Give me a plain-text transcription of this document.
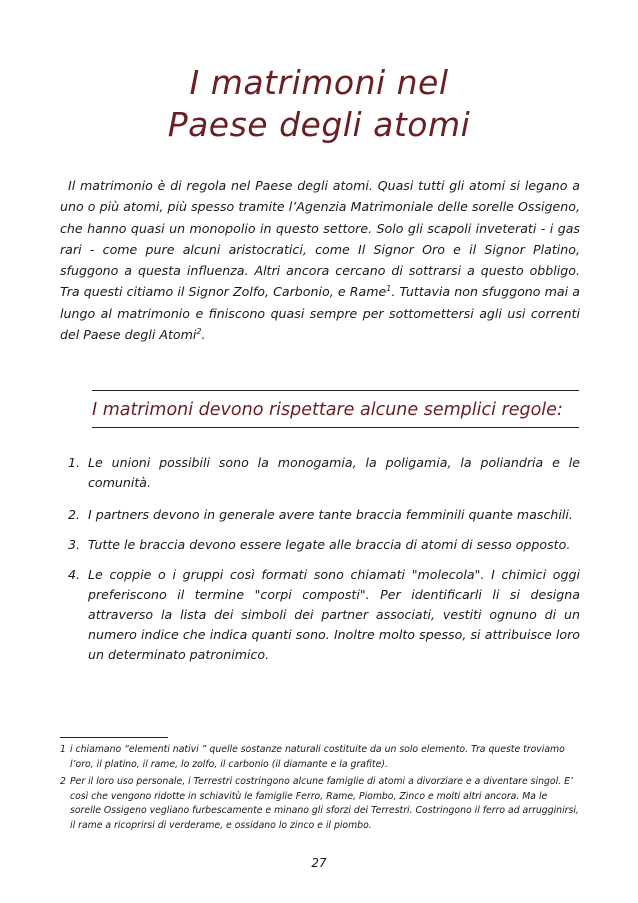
I matrimoni nel
Paese degli atomi

Il matrimonio è di regola nel Paese degli atomi. Quasi tutti gli atomi si legano a uno o più atomi, più spesso tramite l’Agenzia Matrimoniale delle sorelle Ossigeno, che hanno quasi un monopolio in questo settore. Solo gli scapoli inveterati - i gas rari - come pure alcuni aristocratici, come Il Signor Oro e il Signor Platino, sfuggono a questa influenza. Altri ancora cercano di sottrarsi a questo obbligo. Tra questi citiamo il Signor Zolfo, Carbonio, e Rame$^1$. Tuttavia non sfuggono mai a lungo al matrimonio e finiscono quasi sempre per sottomettersi agli usi correnti del Paese degli Atomi$^2$.

I matrimoni devono rispettare alcune semplici regole:
1. Le unioni possibili sono la monogamia, la poligamia, la poliandria e le comunità.
2. I partners devono in generale avere tante braccia femminili quante maschili.
3. Tutte le braccia devono essere legate alle braccia di atomi di sesso opposto.
4. Le coppie o i gruppi così formati sono chiamati "molecola". I chimici oggi preferiscono il termine "corpi composti". Per identificarli li si designa attraverso la lista dei simboli dei partner associati, vestiti ognuno di un numero indice che indica quanti sono. Inoltre molto spesso, si attribuisce loro un determinato patronimico.
1 i chiamano “elementi nativi ” quelle sostanze naturali costituite da un solo elemento. Tra queste troviamo l’oro, il platino, il rame, lo zolfo, il carbonio (il diamante e la grafite).
2 Per il loro uso personale, i Terrestri costringono alcune famiglie di atomi a divorziare e a diventare singol. E’ così che vengono ridotte in schiavitù le famiglie Ferro, Rame, Piombo, Zinco e molti altri ancora. Ma le sorelle Ossigeno vegliano furbescamente e minano gli sforzi dei Terrestri. Costringono il ferro ad arrugginirsi, il rame a ricoprirsi di verderame, e ossidano lo zinco e il piombo.
27
